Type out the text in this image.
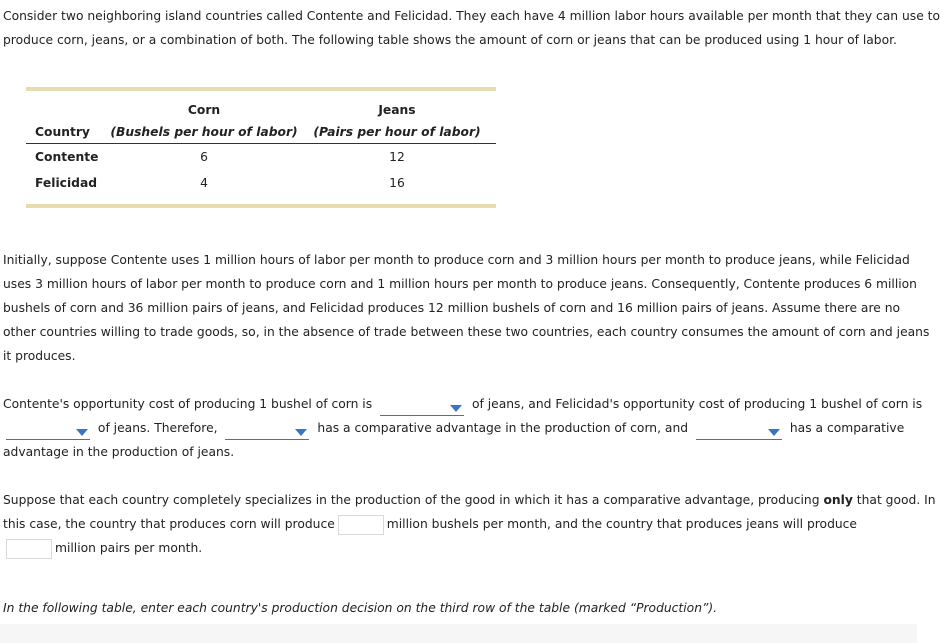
Consider two neighboring island countries called Contente and Felicidad. They each have 4 million labor hours available per month that they can use to
produce corn, jeans, or a combination of both. The following table shows the amount of corn or jeans that can be produced using 1 hour of labor.

	Corn	Jeans
Country	(Bushels per hour of labor)	(Pairs per hour of labor)
Contente	6	12
Felicidad	4	16

Initially, suppose Contente uses 1 million hours of labor per month to produce corn and 3 million hours per month to produce jeans, while Felicidad
uses 3 million hours of labor per month to produce corn and 1 million hours per month to produce jeans. Consequently, Contente produces 6 million
bushels of corn and 36 million pairs of jeans, and Felicidad produces 12 million bushels of corn and 16 million pairs of jeans. Assume there are no
other countries willing to trade goods, so, in the absence of trade between these two countries, each country consumes the amount of corn and jeans
it produces.
Contente's opportunity cost of producing 1 bushel of corn is	of jeans, and Felicidad's opportunity cost of producing 1 bushel of corn is
of jeans. Therefore,	has a comparative advantage in the production of corn, and	has a comparative
advantage in the production of jeans.
Suppose that each country completely specializes in the production of the good in which it has a comparative advantage, producing only that good. In
this case, the country that produces corn will produce	million bushels per month, and the country that produces jeans will produce
million pairs per month.
In the following table, enter each country's production decision on the third row of the table (marked “Production”).
